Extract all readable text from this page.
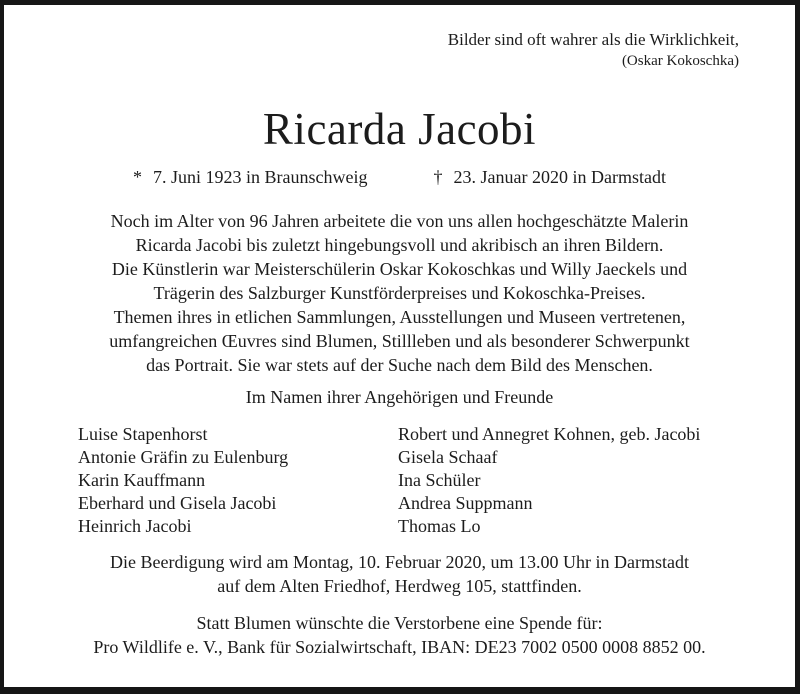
Bilder sind oft wahrer als die Wirklichkeit,
(Oskar Kokoschka)
Ricarda Jacobi
* 7. Juni 1923 in Braunschweig	† 23. Januar 2020 in Darmstadt
Noch im Alter von 96 Jahren arbeitete die von uns allen hochgeschätzte Malerin
Ricarda Jacobi bis zuletzt hingebungsvoll und akribisch an ihren Bildern.
Die Künstlerin war Meisterschülerin Oskar Kokoschkas und Willy Jaeckels und
Trägerin des Salzburger Kunstförderpreises und Kokoschka-Preises.
Themen ihres in etlichen Sammlungen, Ausstellungen und Museen vertretenen,
umfangreichen Œuvres sind Blumen, Stillleben und als besonderer Schwerpunkt
das Portrait. Sie war stets auf der Suche nach dem Bild des Menschen.
Im Namen ihrer Angehörigen und Freunde
Luise Stapenhorst
Antonie Gräfin zu Eulenburg
Karin Kauffmann
Eberhard und Gisela Jacobi
Heinrich Jacobi
Robert und Annegret Kohnen, geb. Jacobi
Gisela Schaaf
Ina Schüler
Andrea Suppmann
Thomas Lo
Die Beerdigung wird am Montag, 10. Februar 2020, um 13.00 Uhr in Darmstadt
auf dem Alten Friedhof, Herdweg 105, stattfinden.
Statt Blumen wünschte die Verstorbene eine Spende für:
Pro Wildlife e. V., Bank für Sozialwirtschaft, IBAN: DE23 7002 0500 0008 8852 00.
